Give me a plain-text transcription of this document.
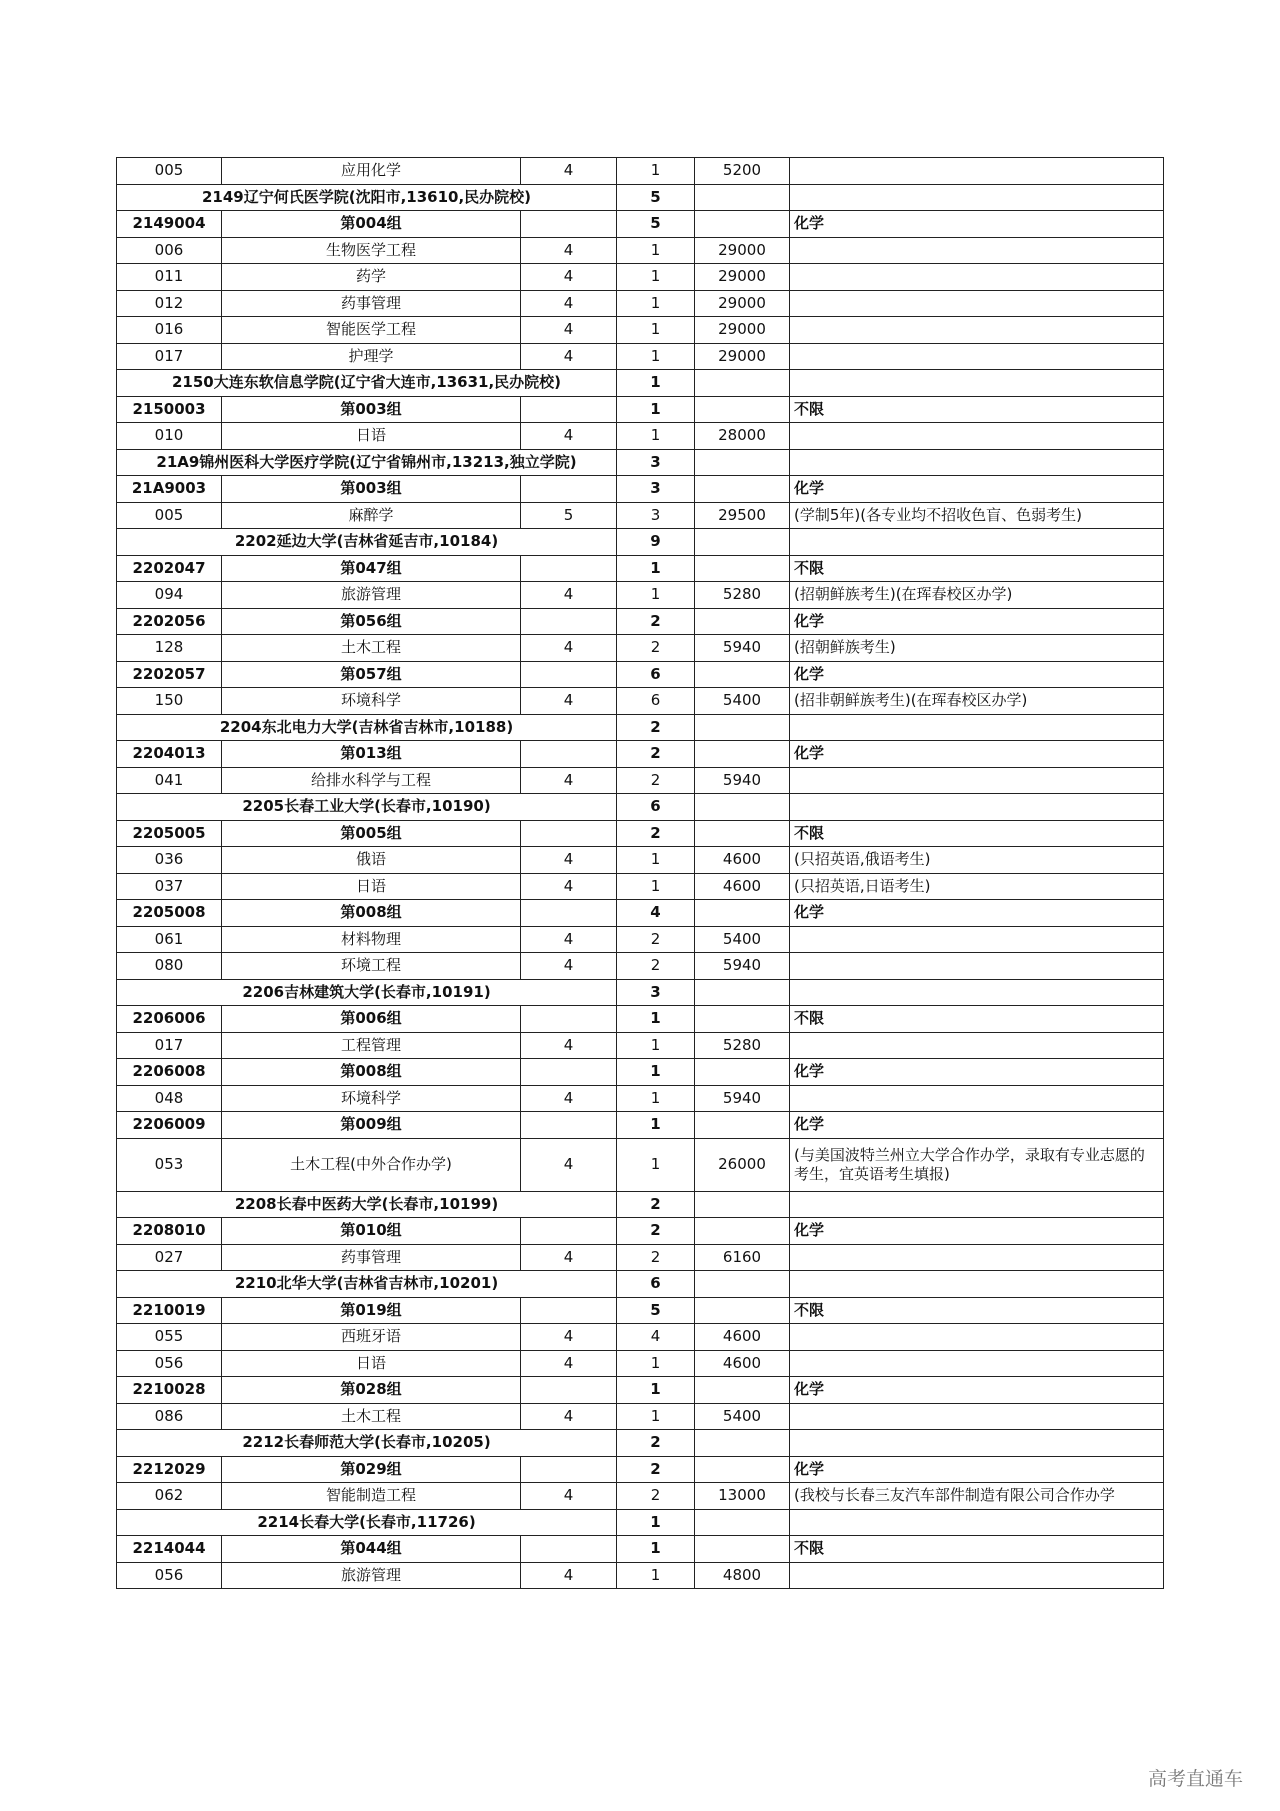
005	应用化学	4	1	5200	
2149辽宁何氏医学院(沈阳市,13610,民办院校)			5		
2149004	第004组		5		化学
006	生物医学工程	4	1	29000	
011	药学	4	1	29000	
012	药事管理	4	1	29000	
016	智能医学工程	4	1	29000	
017	护理学	4	1	29000	
2150大连东软信息学院(辽宁省大连市,13631,民办院校)			1		
2150003	第003组		1		不限
010	日语	4	1	28000	
21A9锦州医科大学医疗学院(辽宁省锦州市,13213,独立学院)			3		
21A9003	第003组		3		化学
005	麻醉学	5	3	29500	(学制5年)(各专业均不招收色盲、色弱考生)
2202延边大学(吉林省延吉市,10184)			9		
2202047	第047组		1		不限
094	旅游管理	4	1	5280	(招朝鲜族考生)(在珲春校区办学)
2202056	第056组		2		化学
128	土木工程	4	2	5940	(招朝鲜族考生)
2202057	第057组		6		化学
150	环境科学	4	6	5400	(招非朝鲜族考生)(在珲春校区办学)
2204东北电力大学(吉林省吉林市,10188)			2		
2204013	第013组		2		化学
041	给排水科学与工程	4	2	5940	
2205长春工业大学(长春市,10190)			6		
2205005	第005组		2		不限
036	俄语	4	1	4600	(只招英语,俄语考生)
037	日语	4	1	4600	(只招英语,日语考生)
2205008	第008组		4		化学
061	材料物理	4	2	5400	
080	环境工程	4	2	5940	
2206吉林建筑大学(长春市,10191)			3		
2206006	第006组		1		不限
017	工程管理	4	1	5280	
2206008	第008组		1		化学
048	环境科学	4	1	5940	
2206009	第009组		1		化学
053	土木工程(中外合作办学)	4	1	26000	(与美国波特兰州立大学合作办学，录取有专业志愿的考生，宜英语考生填报)
2208长春中医药大学(长春市,10199)			2		
2208010	第010组		2		化学
027	药事管理	4	2	6160	
2210北华大学(吉林省吉林市,10201)			6		
2210019	第019组		5		不限
055	西班牙语	4	4	4600	
056	日语	4	1	4600	
2210028	第028组		1		化学
086	土木工程	4	1	5400	
2212长春师范大学(长春市,10205)			2		
2212029	第029组		2		化学
062	智能制造工程	4	2	13000	(我校与长春三友汽车部件制造有限公司合作办学
2214长春大学(长春市,11726)			1		
2214044	第044组		1		不限
056	旅游管理	4	1	4800	
高考直通车
